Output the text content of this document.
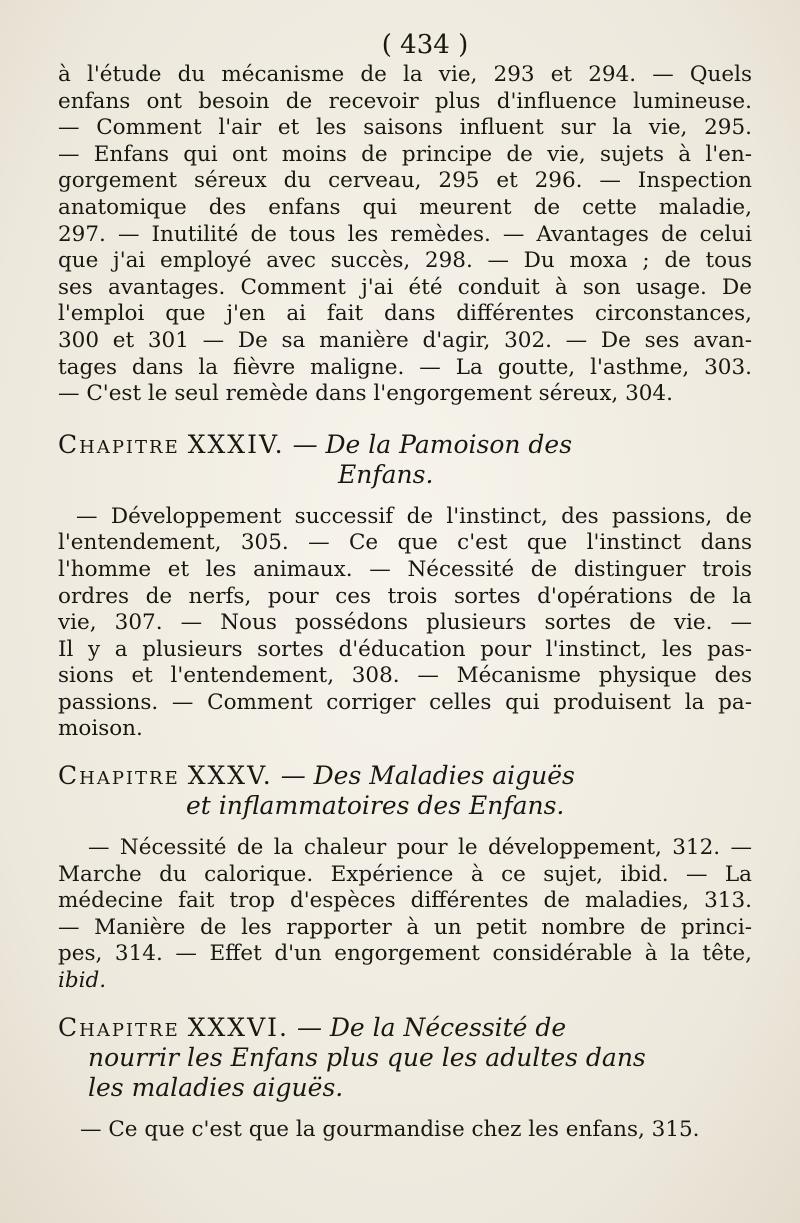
( 434 )
à l'étude du mécanisme de la vie, 293 et 294. — Quels
enfans ont besoin de recevoir plus d'influence lumineuse.
— Comment l'air et les saisons influent sur la vie, 295.
— Enfans qui ont moins de principe de vie, sujets à l'en-
gorgement séreux du cerveau, 295 et 296. — Inspection
anatomique des enfans qui meurent de cette maladie,
297. — Inutilité de tous les remèdes. — Avantages de celui
que j'ai employé avec succès, 298. — Du moxa ; de tous
ses avantages. Comment j'ai été conduit à son usage. De
l'emploi que j'en ai fait dans différentes circonstances,
300 et 301 — De sa manière d'agir, 302. — De ses avan-
tages dans la fièvre maligne. — La goutte, l'asthme, 303.
— C'est le seul remède dans l'engorgement séreux, 304.
Chapitre XXXIV. — De la Pamoison des
Enfans.
— Développement successif de l'instinct, des passions, de
l'entendement, 305. — Ce que c'est que l'instinct dans
l'homme et les animaux. — Nécessité de distinguer trois
ordres de nerfs, pour ces trois sortes d'opérations de la
vie, 307. — Nous possédons plusieurs sortes de vie. —
Il y a plusieurs sortes d'éducation pour l'instinct, les pas-
sions et l'entendement, 308. — Mécanisme physique des
passions. — Comment corriger celles qui produisent la pa-
moison.
Chapitre XXXV. — Des Maladies aiguës
et inflammatoires des Enfans.
— Nécessité de la chaleur pour le développement, 312. —
Marche du calorique. Expérience à ce sujet, ibid. — La
médecine fait trop d'espèces différentes de maladies, 313.
— Manière de les rapporter à un petit nombre de princi-
pes, 314. — Effet d'un engorgement considérable à la tête,
ibid.
Chapitre XXXVI. — De la Nécessité de
nourrir les Enfans plus que les adultes dans
les maladies aiguës.
— Ce que c'est que la gourmandise chez les enfans, 315.
